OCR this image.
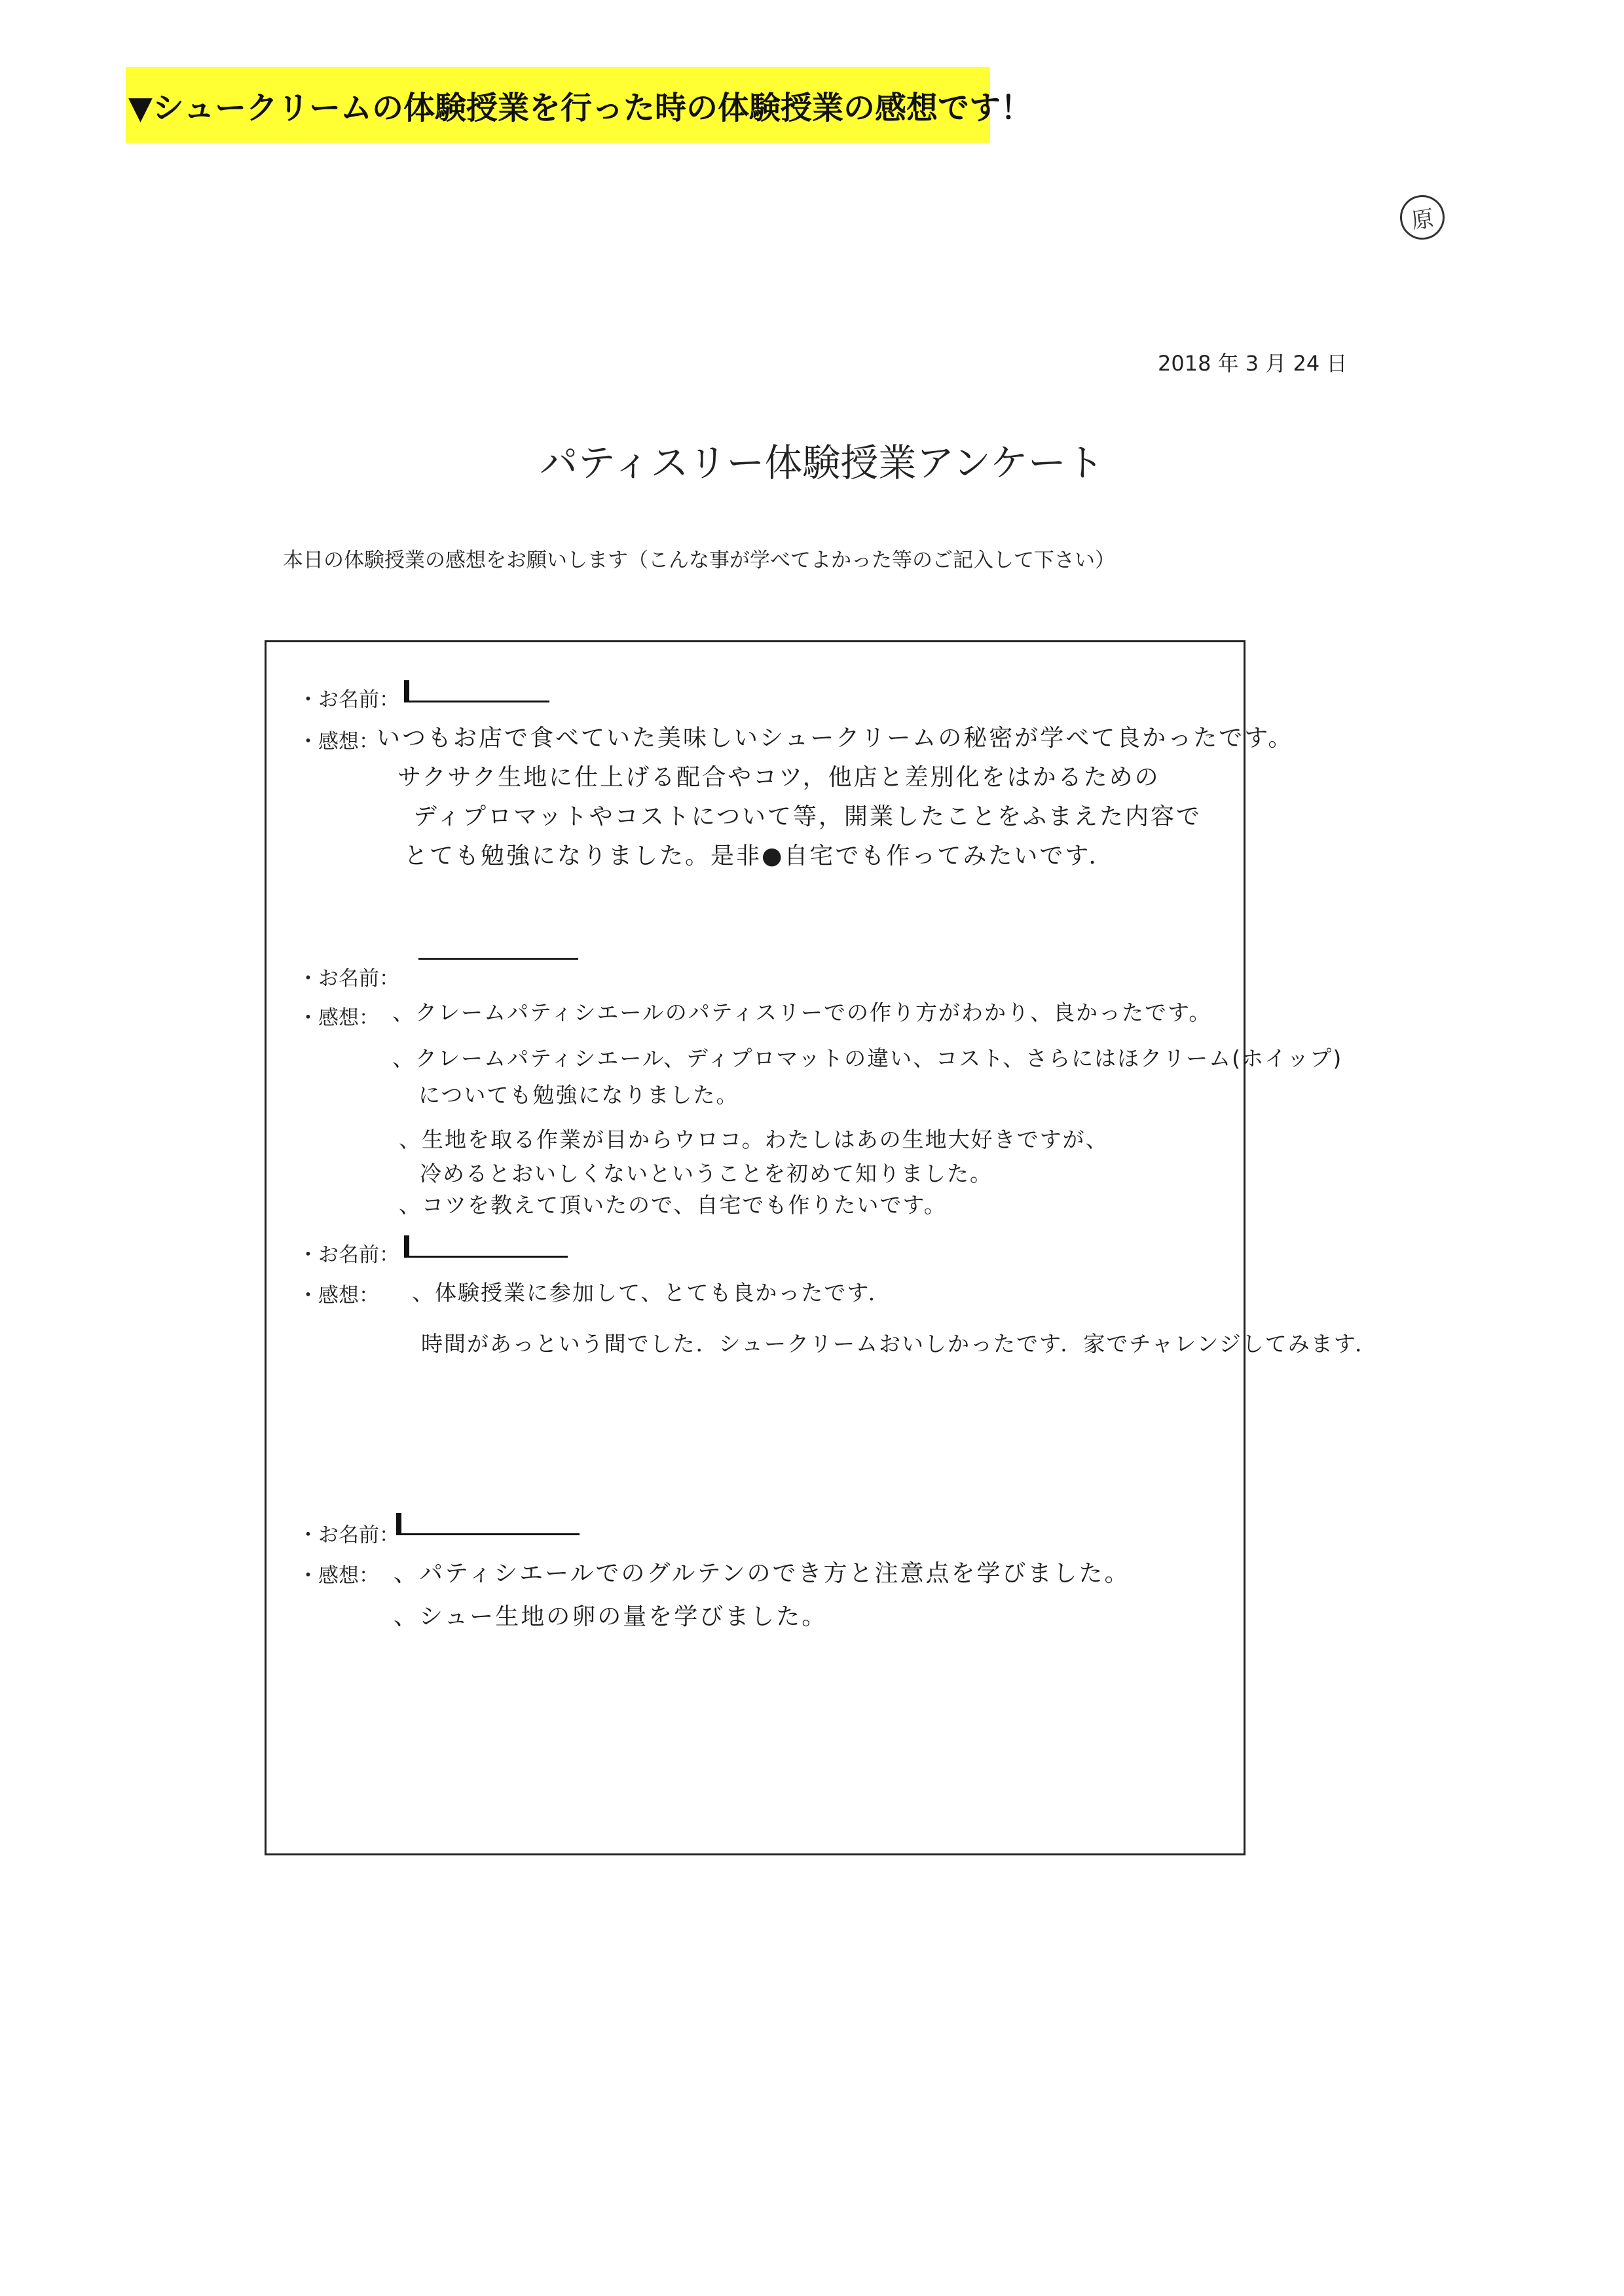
▼シュークリームの体験授業を行った時の体験授業の感想です！
原
2018 年 3 月 24 日
パティスリー体験授業アンケート
本日の体験授業の感想をお願いします（こんな事が学べてよかった等のご記入して下さい）
・お名前：
・感想：
いつもお店で食べていた美味しいシュークリームの秘密が学べて良かったです。
サクサク生地に仕上げる配合やコツ，他店と差別化をはかるための
ディプロマットやコストについて等，開業したことをふまえた内容で
とても勉強になりました。是非●自宅でも作ってみたいです．
・お名前：
・感想： 、クレームパティシエールのパティスリーでの作り方がわかり、良かったです。
、クレームパティシエール、ディプロマットの違い、コスト、さらにはほクリーム(ホイップ)
についても勉強になりました。
、生地を取る作業が目からウロコ。わたしはあの生地大好きですが、
冷めるとおいしくないということを初めて知りました。
、コツを教えて頂いたので、自宅でも作りたいです。
・お名前：
・感想： 、体験授業に参加して、とても良かったです．
時間があっという間でした．シュークリームおいしかったです．家でチャレンジしてみます．
・お名前：
・感想： 、パティシエールでのグルテンのでき方と注意点を学びました。
、シュー生地の卵の量を学びました。
